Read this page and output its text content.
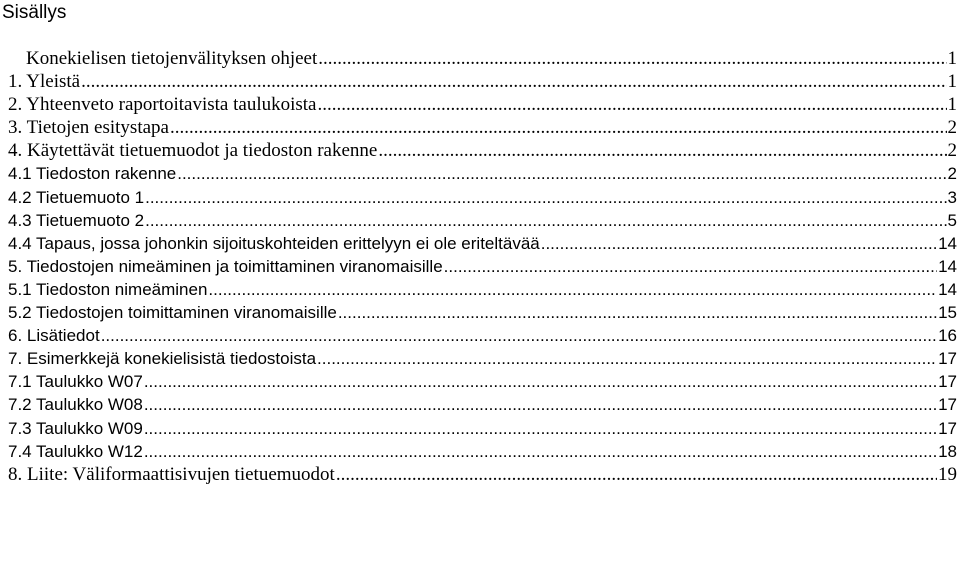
Sisällys
Konekielisen tietojenvälityksen ohjeet .....	1
1. Yleistä .....	1
2. Yhteenveto raportoitavista taulukoista .....	1
3. Tietojen esitystapa .....	2
4. Käytettävät tietuemuodot ja tiedoston rakenne .....	2
4.1 Tiedoston rakenne .....	2
4.2 Tietuemuoto 1 .....	3
4.3 Tietuemuoto 2 .....	5
4.4 Tapaus, jossa johonkin sijoituskohteiden erittelyyn ei ole eriteltävää .....	14
5. Tiedostojen nimeäminen ja toimittaminen viranomaisille .....	14
5.1 Tiedoston nimeäminen .....	14
5.2 Tiedostojen toimittaminen viranomaisille .....	15
6. Lisätiedot .....	16
7. Esimerkkejä konekielisistä tiedostoista .....	17
7.1 Taulukko W07 .....	17
7.2 Taulukko W08 .....	17
7.3 Taulukko W09 .....	17
7.4 Taulukko W12 .....	18
8. Liite: Väliformaattisivujen tietuemuodot .....	19
